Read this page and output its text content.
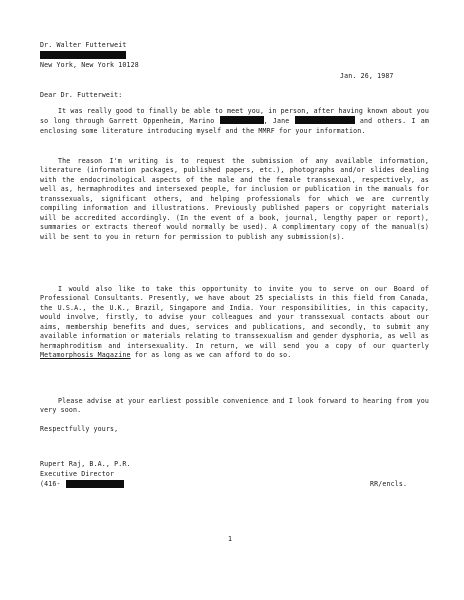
Dr. Walter Futterweit
New York, New York 10128
Jan. 26, 1987
Dear Dr. Futterweit:
It was really good to finally be able to meet you, in person, after having known about you so long through Garrett Oppenheim, Marino	, Jane	and others. I am enclosing some literature introducing myself and the MMRF for your information.
The reason I'm writing is to request the submission of any available information, literature (information packages, published papers, etc.), photographs and/or slides dealing with the endocrinological aspects of the male and the female transsexual, respectively, as well as, hermaphrodites and intersexed people, for inclusion or publication in the manuals for transsexuals, significant others, and helping professionals for which we are currently compiling information and illustrations. Previously published papers or copyright materials will be accredited accordingly. (In the event of a book, journal, lengthy paper or report), summaries or extracts thereof would normally be used). A complimentary copy of the manual(s) will be sent to you in return for permission to publish any submission(s).
I would also like to take this opportunity to invite you to serve on our Board of Professional Consultants. Presently, we have about 25 specialists in this field from Canada, the U.S.A., the U.K., Brazil, Singapore and India. Your responsibilities, in this capacity, would involve, firstly, to advise your colleagues and your transsexual contacts about our aims, membership benefits and dues, services and publications, and secondly, to submit any available information or materials relating to transsexualism and gender dysphoria, as well as hermaphroditism and intersexuality. In return, we will send you a copy of our quarterly Metamorphosis Magazine for as long as we can afford to do so.
Please advise at your earliest possible convenience and I look forward to hearing from you very soon.
Respectfully yours,
Rupert Raj, B.A., P.R.
Executive Director
(416-	RR/encls.
1
